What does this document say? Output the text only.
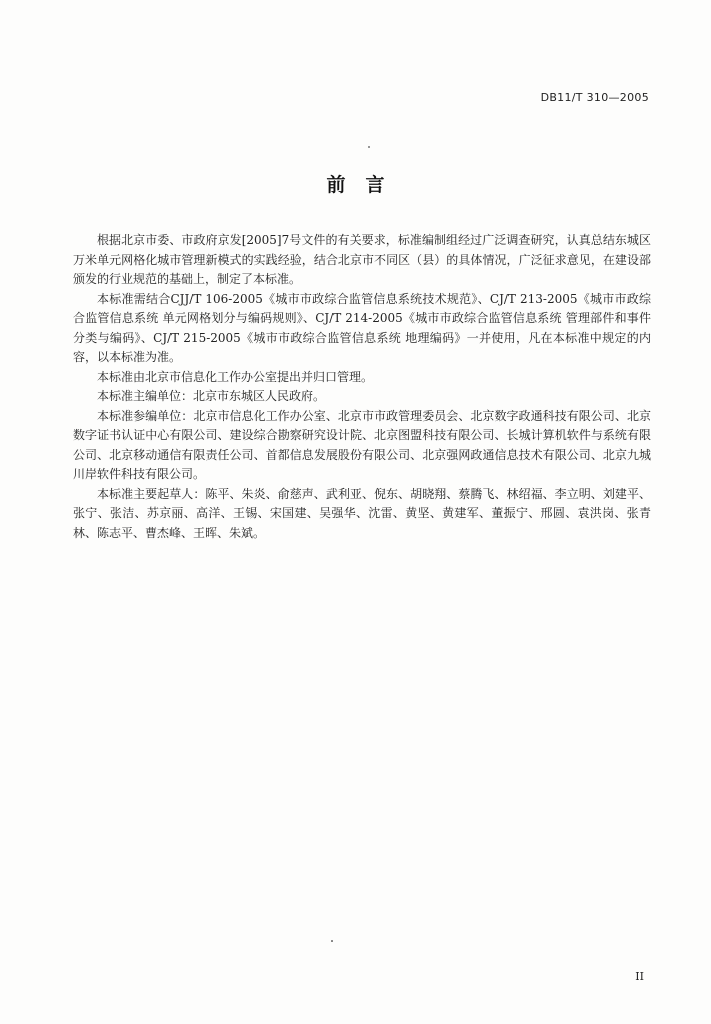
DB11/T 310—2005
前言

根据北京市委、市政府京发[2005]7号文件的有关要求，标准编制组经过广泛调查研究，认真总结东城区万米单元网格化城市管理新模式的实践经验，结合北京市不同区（县）的具体情况，广泛征求意见，在建设部颁发的行业规范的基础上，制定了本标准。

本标准需结合CJJ/T 106-2005《城市市政综合监管信息系统技术规范》、CJ/T 213-2005《城市市政综合监管信息系统 单元网格划分与编码规则》、CJ/T 214-2005《城市市政综合监管信息系统 管理部件和事件分类与编码》、CJ/T 215-2005《城市市政综合监管信息系统 地理编码》一并使用，凡在本标准中规定的内容，以本标准为准。

本标准由北京市信息化工作办公室提出并归口管理。

本标准主编单位：北京市东城区人民政府。

本标准参编单位：北京市信息化工作办公室、北京市市政管理委员会、北京数字政通科技有限公司、北京数字证书认证中心有限公司、建设综合勘察研究设计院、北京图盟科技有限公司、长城计算机软件与系统有限公司、北京移动通信有限责任公司、首都信息发展股份有限公司、北京强网政通信息技术有限公司、北京九城川岸软件科技有限公司。

本标准主要起草人：陈平、朱炎、俞慈声、武利亚、倪东、胡晓翔、蔡腾飞、林绍福、李立明、刘建平、张宁、张洁、苏京丽、高洋、王锡、宋国建、吴强华、沈雷、黄坚、黄建军、董振宁、邢圆、袁洪岗、张青林、陈志平、曹杰峰、王晖、朱斌。

II
